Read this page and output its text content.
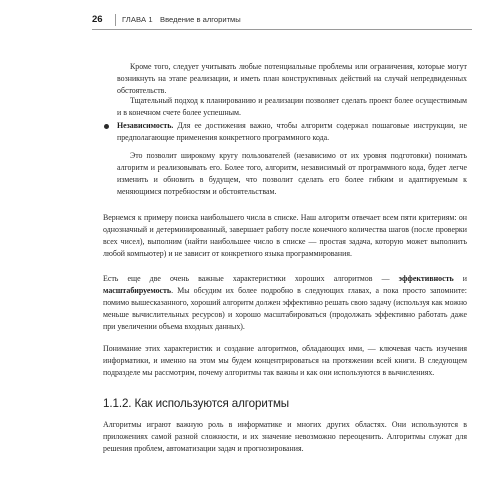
26	ГЛАВА 1 Введение в алгоритмы

Кроме того, следует учитывать любые потенциальные проблемы или ограничения, которые могут возникнуть на этапе реализации, и иметь план конструктивных действий на случай непредвиденных обстоятельств.

Тщательный подход к планированию и реализации позволяет сделать проект более осуществимым и в конечном счете более успешным.

Независимость. Для ее достижения важно, чтобы алгоритм содержал пошаговые инструкции, не предполагающие применения конкретного программного кода.

Это позволит широкому кругу пользователей (независимо от их уровня подготовки) понимать алгоритм и реализовывать его. Более того, алгоритм, независимый от программного кода, будет легче изменить и обновить в будущем, что позволит сделать его более гибким и адаптируемым к меняющимся потребностям и обстоятельствам.

Вернемся к примеру поиска наибольшего числа в списке. Наш алгоритм отвечает всем пяти критериям: он однозначный и детерминированный, завершает работу после конечного количества шагов (после проверки всех чисел), выполним (найти наибольшее число в списке — простая задача, которую может выполнить любой компьютер) и не зависит от конкретного языка программирования.

Есть еще две очень важные характеристики хороших алгоритмов — эффективность и масштабируемость. Мы обсудим их более подробно в следующих главах, а пока просто запомните: помимо вышесказанного, хороший алгоритм должен эффективно решать свою задачу (используя как можно меньше вычислительных ресурсов) и хорошо масштабироваться (продолжать эффективно работать даже при увеличении объема входных данных).

Понимание этих характеристик и создание алгоритмов, обладающих ими, — ключевая часть изучения информатики, и именно на этом мы будем концентрироваться на протяжении всей книги. В следующем подразделе мы рассмотрим, почему алгоритмы так важны и как они используются в вычислениях.

1.1.2. Как используются алгоритмы

Алгоритмы играют важную роль в информатике и многих других областях. Они используются в приложениях самой разной сложности, и их значение невозможно переоценить. Алгоритмы служат для решения проблем, автоматизации задач и прогнозирования.
